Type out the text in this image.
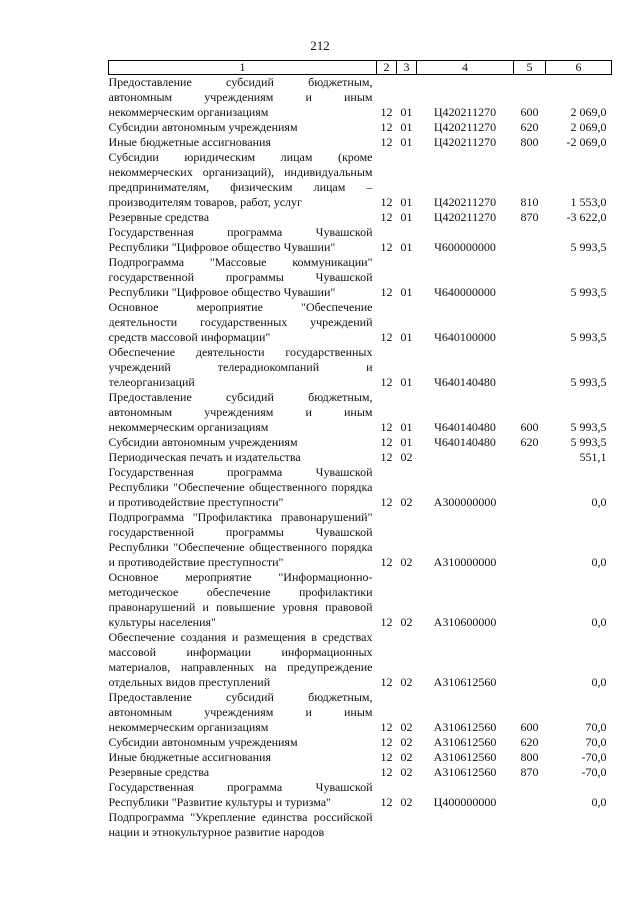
212
1	2	3	4	5	6
Предоставление субсидий бюджетным, автономным учреждениям и иным некоммерческим организациям	12	01	Ц420211270	600	2 069,0
Субсидии автономным учреждениям	12	01	Ц420211270	620	2 069,0
Иные бюджетные ассигнования	12	01	Ц420211270	800	-2 069,0
Субсидии юридическим лицам (кроме некоммерческих организаций), индивидуальным предпринимателям, физическим лицам – производителям товаров, работ, услуг	12	01	Ц420211270	810	1 553,0
Резервные средства	12	01	Ц420211270	870	-3 622,0
Государственная программа Чувашской Республики "Цифровое общество Чувашии"	12	01	Ч600000000		5 993,5
Подпрограмма "Массовые коммуникации" государственной программы Чувашской Республики "Цифровое общество Чувашии"	12	01	Ч640000000		5 993,5
Основное мероприятие "Обеспечение деятельности государственных учреждений средств массовой информации"	12	01	Ч640100000		5 993,5
Обеспечение деятельности государственных учреждений телерадиокомпаний и телеорганизаций	12	01	Ч640140480		5 993,5
Предоставление субсидий бюджетным, автономным учреждениям и иным некоммерческим организациям	12	01	Ч640140480	600	5 993,5
Субсидии автономным учреждениям	12	01	Ч640140480	620	5 993,5
Периодическая печать и издательства	12	02			551,1
Государственная программа Чувашской Республики "Обеспечение общественного порядка и противодействие преступности"	12	02	А300000000		0,0
Подпрограмма "Профилактика правонарушений" государственной программы Чувашской Республики "Обеспечение общественного порядка и противодействие преступности"	12	02	А310000000		0,0
Основное мероприятие "Информационно-методическое обеспечение профилактики правонарушений и повышение уровня правовой культуры населения"	12	02	А310600000		0,0
Обеспечение создания и размещения в средствах массовой информации информационных материалов, направленных на предупреждение отдельных видов преступлений	12	02	А310612560		0,0
Предоставление субсидий бюджетным, автономным учреждениям и иным некоммерческим организациям	12	02	А310612560	600	70,0
Субсидии автономным учреждениям	12	02	А310612560	620	70,0
Иные бюджетные ассигнования	12	02	А310612560	800	-70,0
Резервные средства	12	02	А310612560	870	-70,0
Государственная программа Чувашской Республики "Развитие культуры и туризма"	12	02	Ц400000000		0,0
Подпрограмма "Укрепление единства российской нации и этнокультурное развитие народов					
